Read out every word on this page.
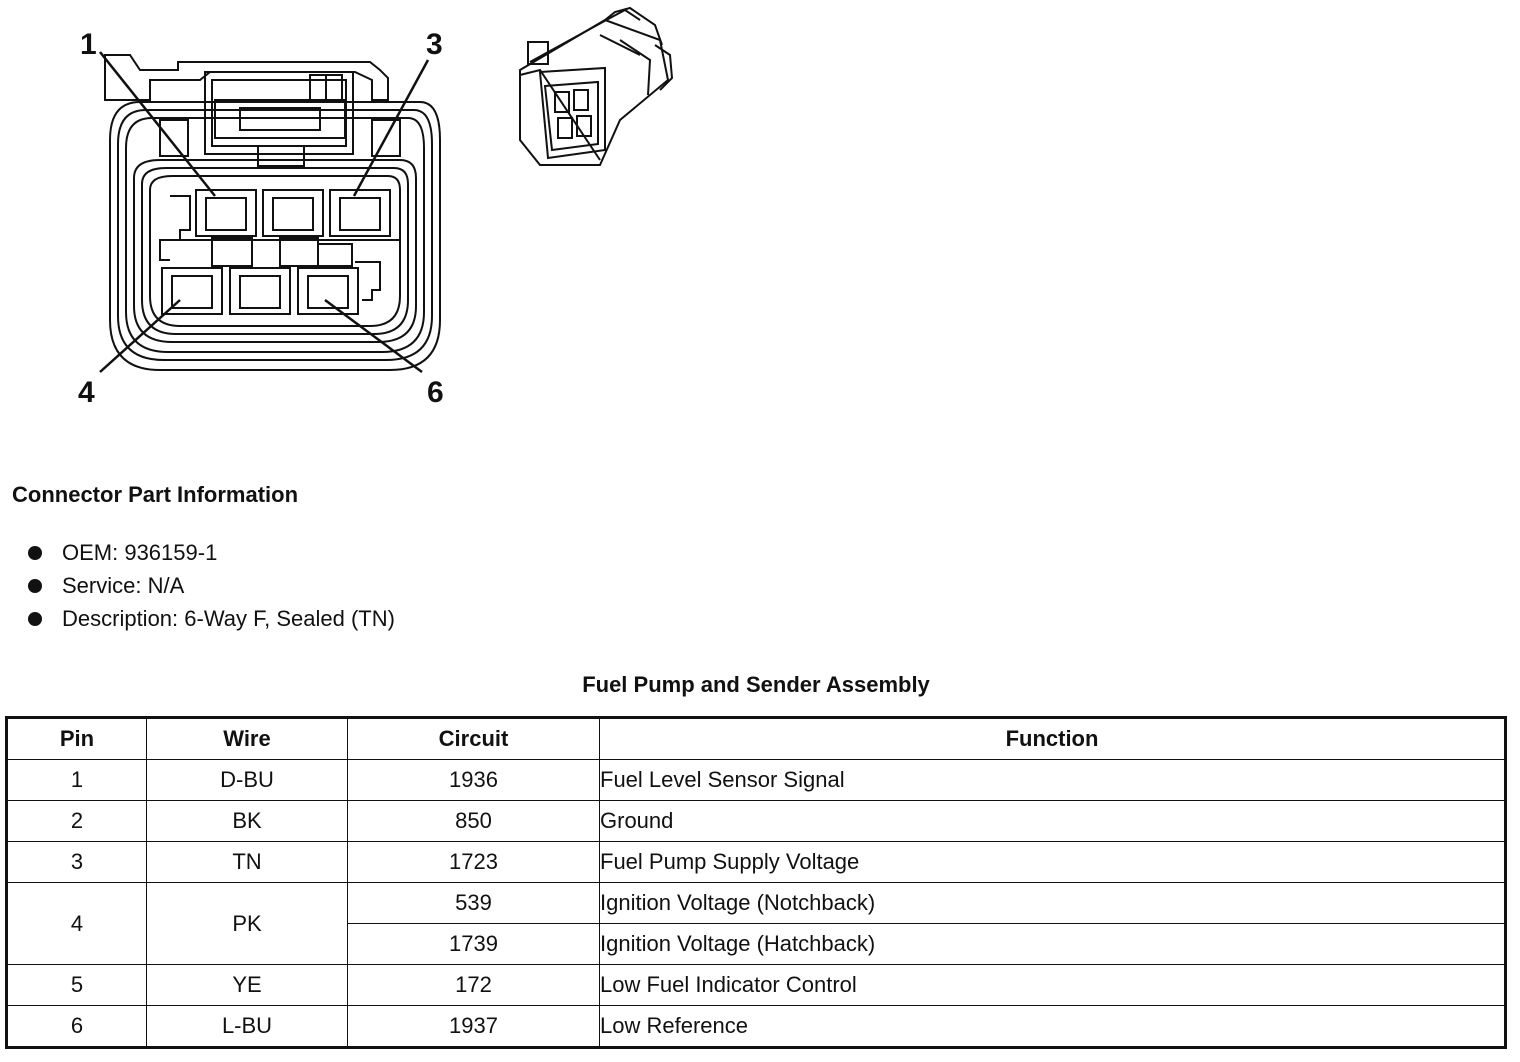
1	3
4	6
Connector Part Information
OEM: 936159-1
Service: N/A
Description: 6-Way F, Sealed (TN)
Fuel Pump and Sender Assembly
Pin	Wire	Circuit	Function
1	D-BU	1936	Fuel Level Sensor Signal
2	BK	850	Ground
3	TN	1723	Fuel Pump Supply Voltage
4	PK	539	Ignition Voltage (Notchback)
		1739	Ignition Voltage (Hatchback)
5	YE	172	Low Fuel Indicator Control
6	L-BU	1937	Low Reference
